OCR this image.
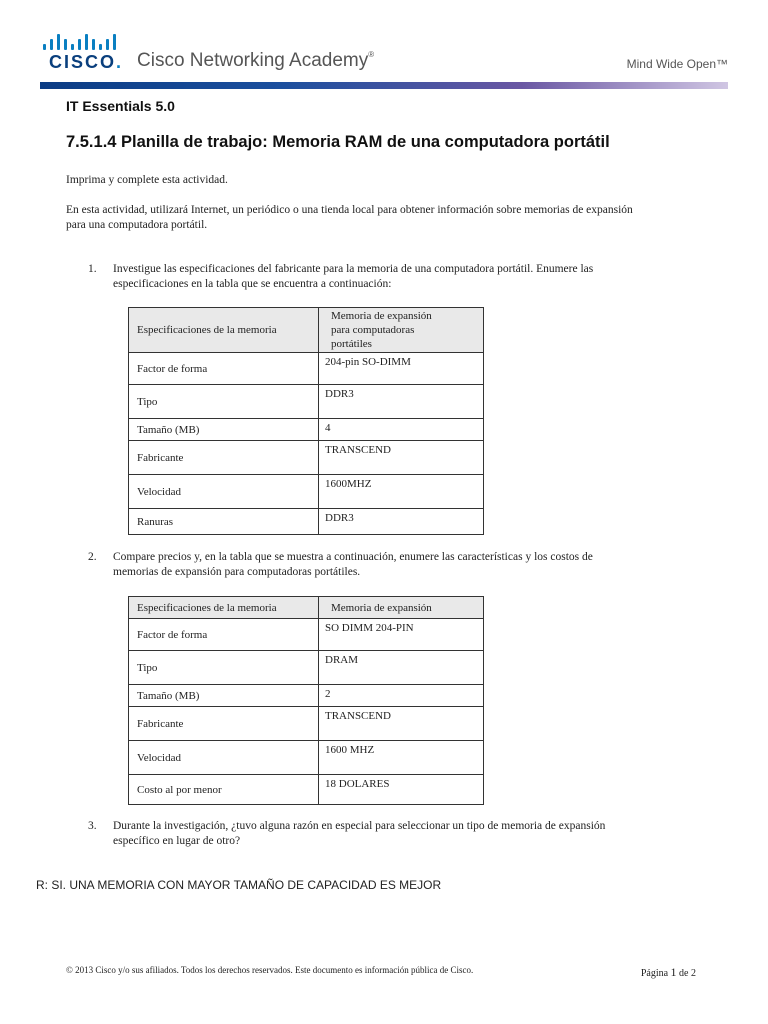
CISCO. Cisco Networking Academy®
Mind Wide Open™
IT Essentials 5.0
7.5.1.4 Planilla de trabajo: Memoria RAM de una computadora portátil
Imprima y complete esta actividad.
En esta actividad, utilizará Internet, un periódico o una tienda local para obtener información sobre memorias de expansión
para una computadora portátil.
1.	Investigue las especificaciones del fabricante para la memoria de una computadora portátil. Enumere las
especificaciones en la tabla que se encuentra a continuación:
Especificaciones de la memoria	Memoria de expansión
para computadoras
portátiles

Factor de forma	204-pin SO-DIMM
Tipo	DDR3
Tamaño (MB)	4
Fabricante	TRANSCEND
Velocidad	1600MHZ
Ranuras	DDR3
2.	Compare precios y, en la tabla que se muestra a continuación, enumere las características y los costos de
memorias de expansión para computadoras portátiles.
Especificaciones de la memoria	Memoria de expansión
Factor de forma	SO DIMM 204-PIN
Tipo	DRAM
Tamaño (MB)	2
Fabricante	TRANSCEND
Velocidad	1600 MHZ
Costo al por menor	18 DOLARES
3.	Durante la investigación, ¿tuvo alguna razón en especial para seleccionar un tipo de memoria de expansión
específico en lugar de otro?
R: SI. UNA MEMORIA CON MAYOR TAMAÑO DE CAPACIDAD ES MEJOR
© 2013 Cisco y/o sus afiliados. Todos los derechos reservados. Este documento es información pública de Cisco.	Página 1 de 2
